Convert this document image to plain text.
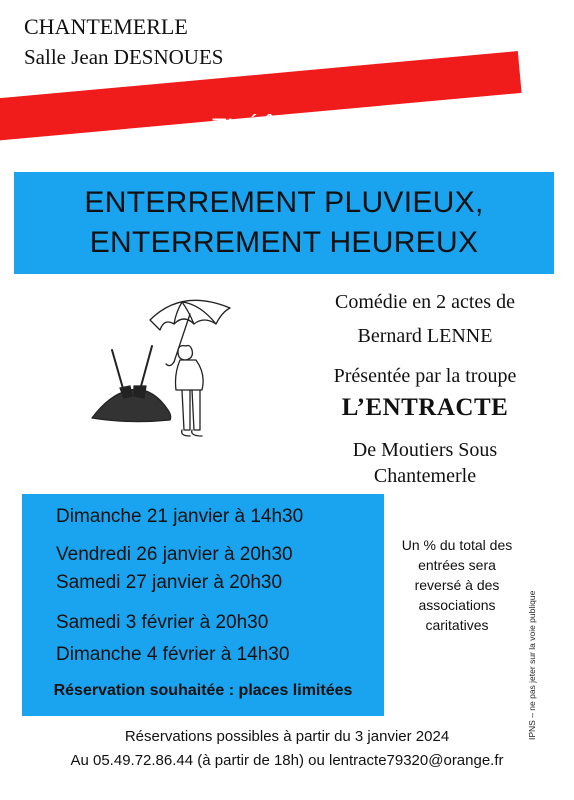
CHANTEMERLE
Salle Jean DESNOUES
THÉÂTRE
ENTERREMENT PLUVIEUX,
ENTERREMENT HEUREUX
Comédie en 2 actes de
Bernard LENNE
Présentée par la troupe
L’ENTRACTE
De Moutiers Sous
Chantemerle
Dimanche 21 janvier à 14h30
Vendredi 26 janvier à 20h30
Samedi 27 janvier à 20h30
Samedi 3 février à 20h30
Dimanche 4 février à 14h30
Réservation souhaitée : places limitées
Un % du total des
entrées sera
reversé à des
associations
caritatives	IPNS – ne pas jeter sur la voie publique
Réservations possibles à partir du 3 janvier 2024
Au 05.49.72.86.44 (à partir de 18h) ou lentracte79320@orange.fr
